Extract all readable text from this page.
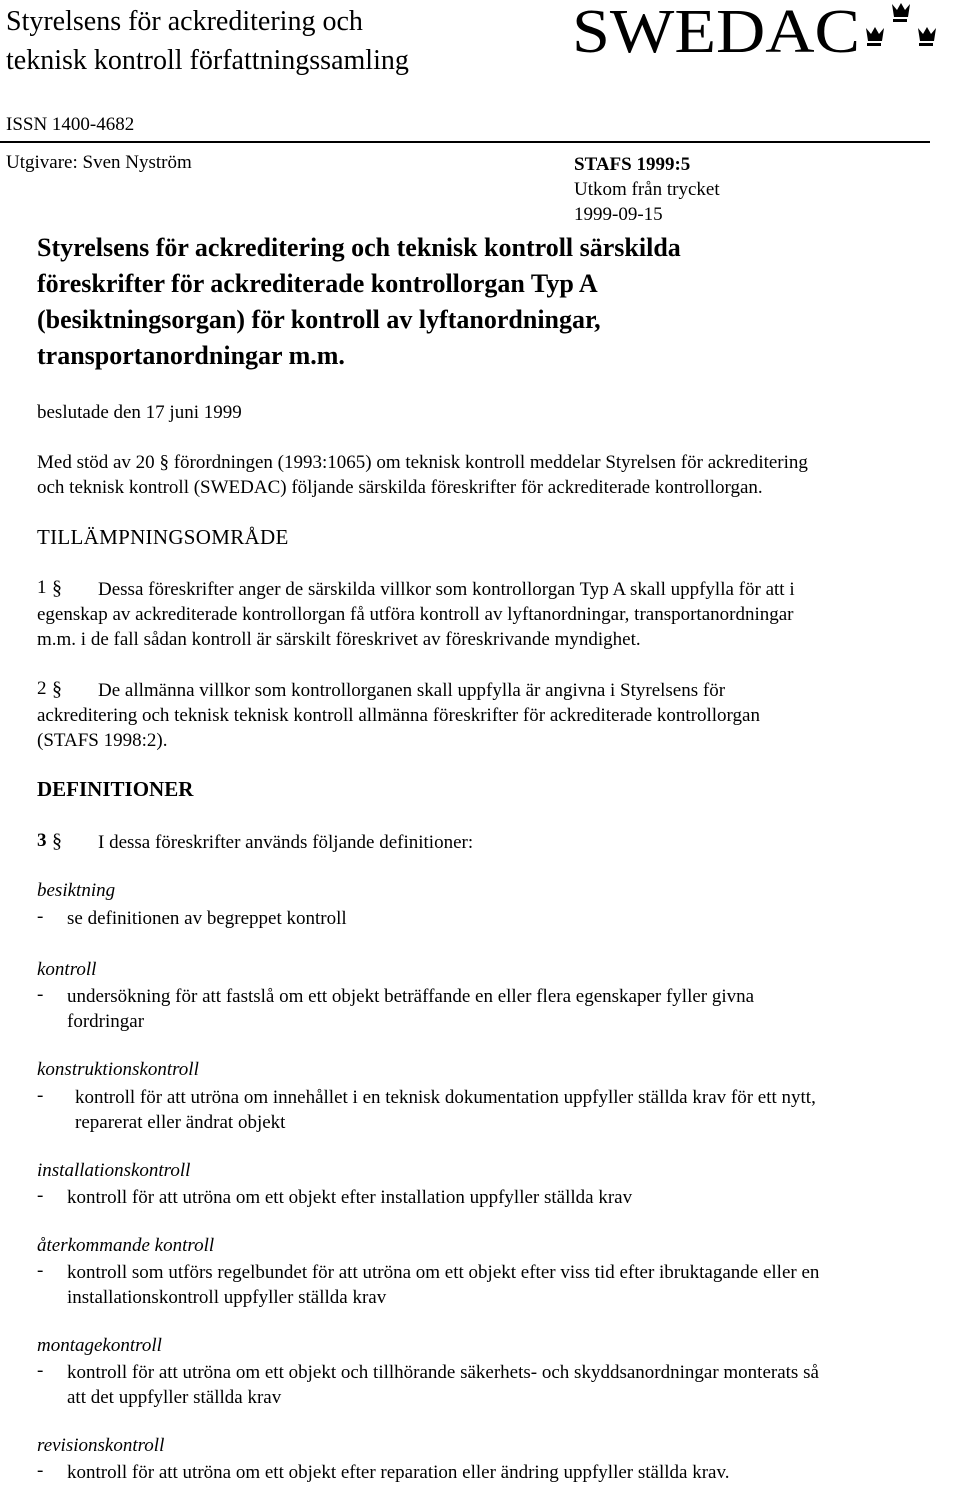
Styrelsens för ackreditering och
teknisk kontroll författningssamling	SWEDAC
ISSN 1400-4682
Utgivare: Sven Nyström	STAFS 1999:5
Utkom från trycket
1999-09-15
Styrelsens för ackreditering och teknisk kontroll särskilda
föreskrifter för ackrediterade kontrollorgan Typ A
(besiktningsorgan) för kontroll av lyftanordningar,
transportanordningar m.m.
beslutade den 17 juni 1999
Med stöd av 20 § förordningen (1993:1065) om teknisk kontroll meddelar Styrelsen för ackreditering
och teknisk kontroll (SWEDAC) följande särskilda föreskrifter för ackrediterade kontrollorgan.
TILLÄMPNINGSOMRÅDE
1 § Dessa föreskrifter anger de särskilda villkor som kontrollorgan Typ A skall uppfylla för att i
egenskap av ackrediterade kontrollorgan få utföra kontroll av lyftanordningar, transportanordningar
m.m. i de fall sådan kontroll är särskilt föreskrivet av föreskrivande myndighet.
2 § De allmänna villkor som kontrollorganen skall uppfylla är angivna i Styrelsens för
ackreditering och teknisk teknisk kontroll allmänna föreskrifter för ackrediterade kontrollorgan
(STAFS 1998:2).
DEFINITIONER
3 § I dessa föreskrifter används följande definitioner:
besiktning
- se definitionen av begreppet kontroll
kontroll
- undersökning för att fastslå om ett objekt beträffande en eller flera egenskaper fyller givna
fordringar
konstruktionskontroll
- kontroll för att utröna om innehållet i en teknisk dokumentation uppfyller ställda krav för ett nytt,
reparerat eller ändrat objekt
installationskontroll
- kontroll för att utröna om ett objekt efter installation uppfyller ställda krav
återkommande kontroll
- kontroll som utförs regelbundet för att utröna om ett objekt efter viss tid efter ibruktagande eller en
installationskontroll uppfyller ställda krav
montagekontroll
- kontroll för att utröna om ett objekt och tillhörande säkerhets- och skyddsanordningar monterats så
att det uppfyller ställda krav
revisionskontroll
- kontroll för att utröna om ett objekt efter reparation eller ändring uppfyller ställda krav.
